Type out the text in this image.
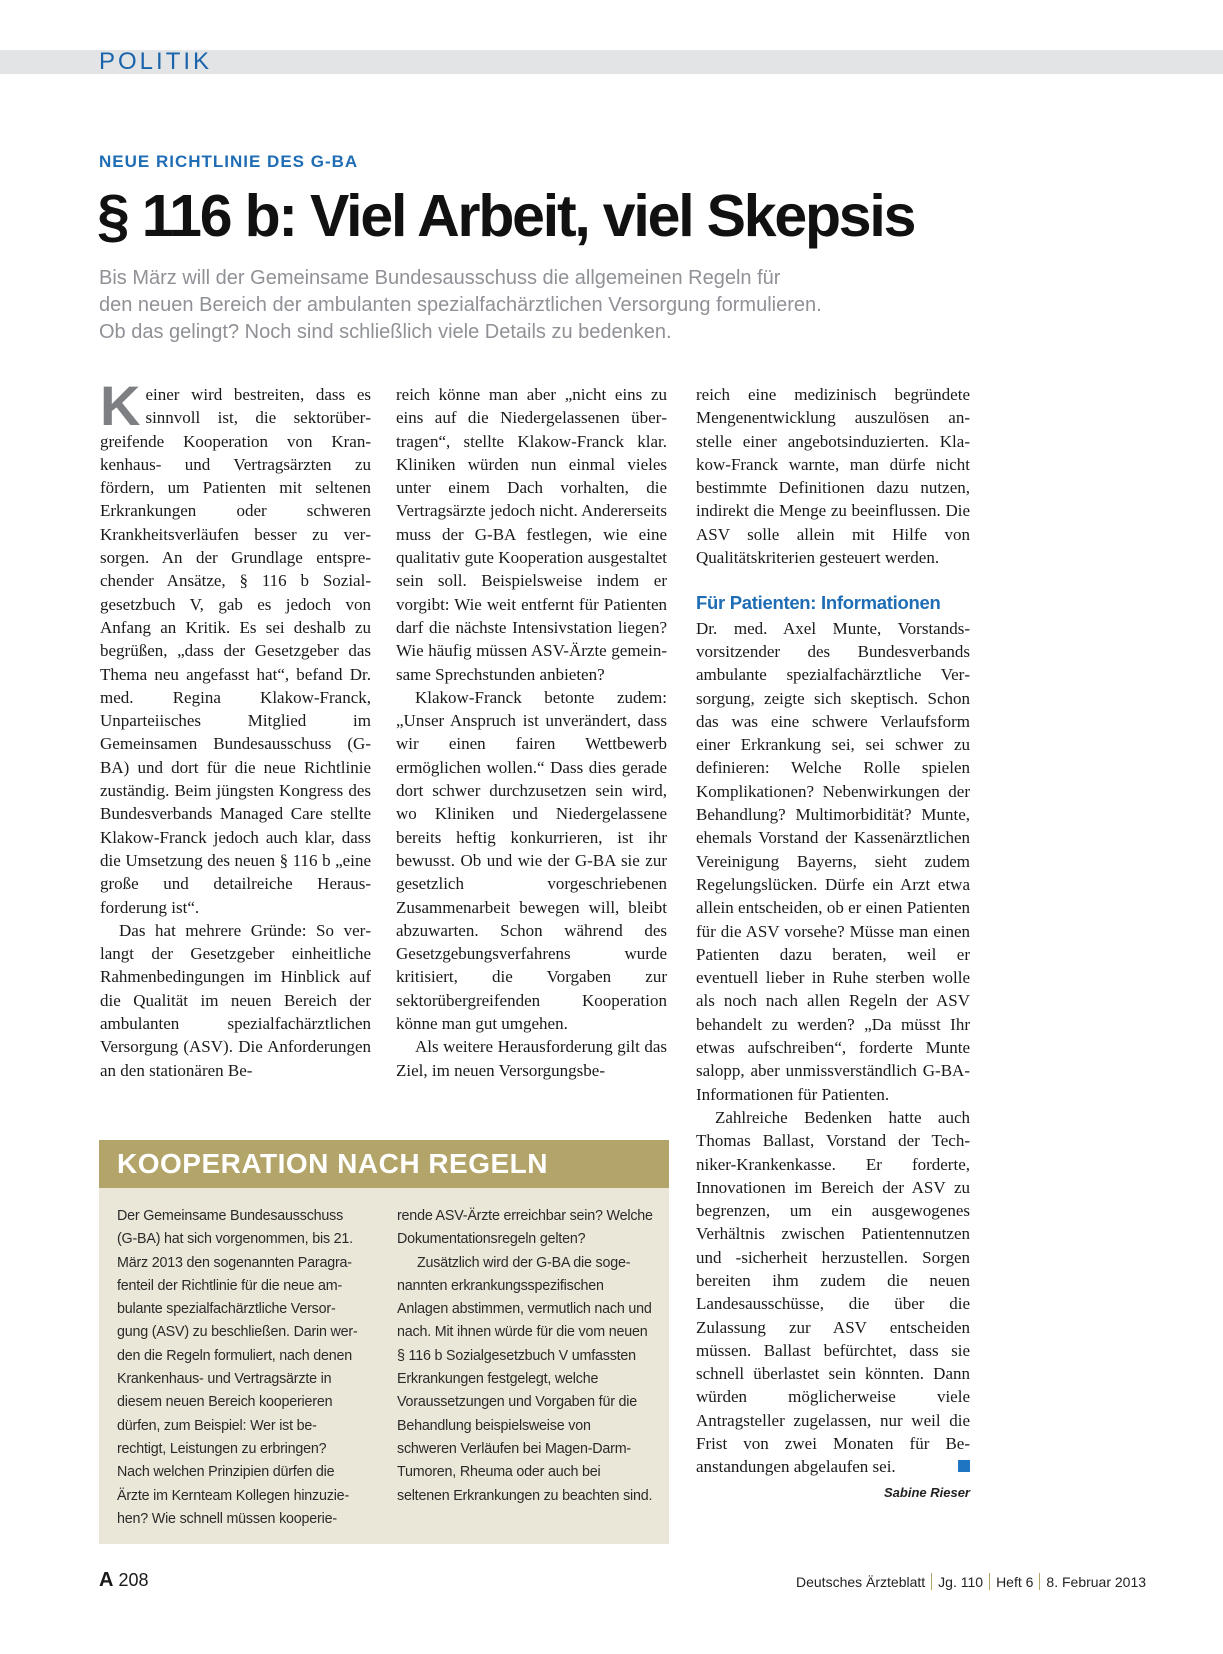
POLITIK
NEUE RICHTLINIE DES G-BA
§ 116 b: Viel Arbeit, viel Skepsis
Bis März will der Gemeinsame Bundesausschuss die allgemeinen Regeln für
den neuen Bereich der ambulanten spezialfachärztlichen Versorgung formulieren.
Ob das gelingt? Noch sind schließlich viele Details zu bedenken.

Keiner wird bestreiten, dass es sinnvoll ist, die sektorübergreifende Kooperation von Krankenhaus- und Vertragsärzten zu fördern, um Patienten mit seltenen Erkrankungen oder schweren Krankheitsverläufen besser zu versorgen. An der Grundlage entsprechender Ansätze, § 116 b Sozialgesetzbuch V, gab es jedoch von Anfang an Kritik. Es sei deshalb zu begrüßen, „dass der Gesetzgeber das Thema neu angefasst hat“, befand Dr. med. Regina Klakow-Franck, Unparteiisches Mitglied im Gemeinsamen Bundesausschuss (G-BA) und dort für die neue Richtlinie zuständig. Beim jüngsten Kongress des Bundesverbands Managed Care stellte Klakow-Franck jedoch auch klar, dass die Umsetzung des neuen § 116 b „eine große und detailreiche Herausforderung ist“.

Das hat mehrere Gründe: So verlangt der Gesetzgeber einheitliche Rahmenbedingungen im Hinblick auf die Qualität im neuen Bereich der ambulanten spezialfachärztlichen Versorgung (ASV). Die Anforderungen an den stationären Be-

reich könne man aber „nicht eins zu eins auf die Niedergelassenen übertragen“, stellte Klakow-Franck klar. Kliniken würden nun einmal vieles unter einem Dach vorhalten, die Vertragsärzte jedoch nicht. Andererseits muss der G-BA festlegen, wie eine qualitativ gute Kooperation ausgestaltet sein soll. Beispielsweise indem er vorgibt: Wie weit entfernt für Patienten darf die nächste Intensivstation liegen? Wie häufig müssen ASV-Ärzte gemeinsame Sprechstunden anbieten?

Klakow-Franck betonte zudem: „Unser Anspruch ist unverändert, dass wir einen fairen Wettbewerb ermöglichen wollen.“ Dass dies gerade dort schwer durchzusetzen sein wird, wo Kliniken und Niedergelassene bereits heftig konkurrieren, ist ihr bewusst. Ob und wie der G-BA sie zur gesetzlich vorgeschriebenen Zusammenarbeit bewegen will, bleibt abzuwarten. Schon während des Gesetzgebungsverfahrens wurde kritisiert, die Vorgaben zur sektorübergreifenden Kooperation könne man gut umgehen.

Als weitere Herausforderung gilt das Ziel, im neuen Versorgungsbe-

reich eine medizinisch begründete Mengenentwicklung auszulösen anstelle einer angebotsinduzierten. Klakow-Franck warnte, man dürfe nicht bestimmte Definitionen dazu nutzen, indirekt die Menge zu beeinflussen. Die ASV solle allein mit Hilfe von Qualitätskriterien gesteuert werden.

Für Patienten: Informationen

Dr. med. Axel Munte, Vorstandsvorsitzender des Bundesverbands ambulante spezialfachärztliche Versorgung, zeigte sich skeptisch. Schon das was eine schwere Verlaufsform einer Erkrankung sei, sei schwer zu definieren: Welche Rolle spielen Komplikationen? Nebenwirkungen der Behandlung? Multimorbidität? Munte, ehemals Vorstand der Kassenärztlichen Vereinigung Bayerns, sieht zudem Regelungslücken. Dürfe ein Arzt etwa allein entscheiden, ob er einen Patienten für die ASV vorsehe? Müsse man einen Patienten dazu beraten, weil er eventuell lieber in Ruhe sterben wolle als noch nach allen Regeln der ASV behandelt zu werden? „Da müsst Ihr etwas aufschreiben“, forderte Munte salopp, aber unmissverständlich G-BA-Informationen für Patienten.

Zahlreiche Bedenken hatte auch Thomas Ballast, Vorstand der Techniker-Krankenkasse. Er forderte, Innovationen im Bereich der ASV zu begrenzen, um ein ausgewogenes Verhältnis zwischen Patientennutzen und -sicherheit herzustellen. Sorgen bereiten ihm zudem die neuen Landesausschüsse, die über die Zulassung zur ASV entscheiden müssen. Ballast befürchtet, dass sie schnell überlastet sein könnten. Dann würden möglicherweise viele Antragsteller zugelassen, nur weil die Frist von zwei Monaten für Beanstandungen abgelaufen sei.

Sabine Rieser
KOOPERATION NACH REGELN

Der Gemeinsame Bundesausschuss (G-BA) hat sich vorgenommen, bis 21. März 2013 den sogenannten Paragrafenteil der Richtlinie für die neue ambulante spezialfachärztliche Versorgung (ASV) zu beschließen. Darin werden die Regeln formuliert, nach denen Krankenhaus- und Vertragsärzte in diesem neuen Bereich kooperieren dürfen, zum Beispiel: Wer ist berechtigt, Leistungen zu erbringen? Nach welchen Prinzipien dürfen die Ärzte im Kernteam Kollegen hinzuziehen? Wie schnell müssen kooperie-

rende ASV-Ärzte erreichbar sein? Welche Dokumentationsregeln gelten?

Zusätzlich wird der G-BA die sogenannten erkrankungsspezifischen Anlagen abstimmen, vermutlich nach und nach. Mit ihnen würde für die vom neuen § 116 b Sozialgesetzbuch V umfassten Erkrankungen festgelegt, welche Voraussetzungen und Vorgaben für die Behandlung beispielsweise von schweren Verläufen bei Magen-Darm-Tumoren, Rheuma oder auch bei seltenen Erkrankungen zu beachten sind.

A 208	Deutsches Ärzteblatt Jg. 110 Heft 6 8. Februar 2013
